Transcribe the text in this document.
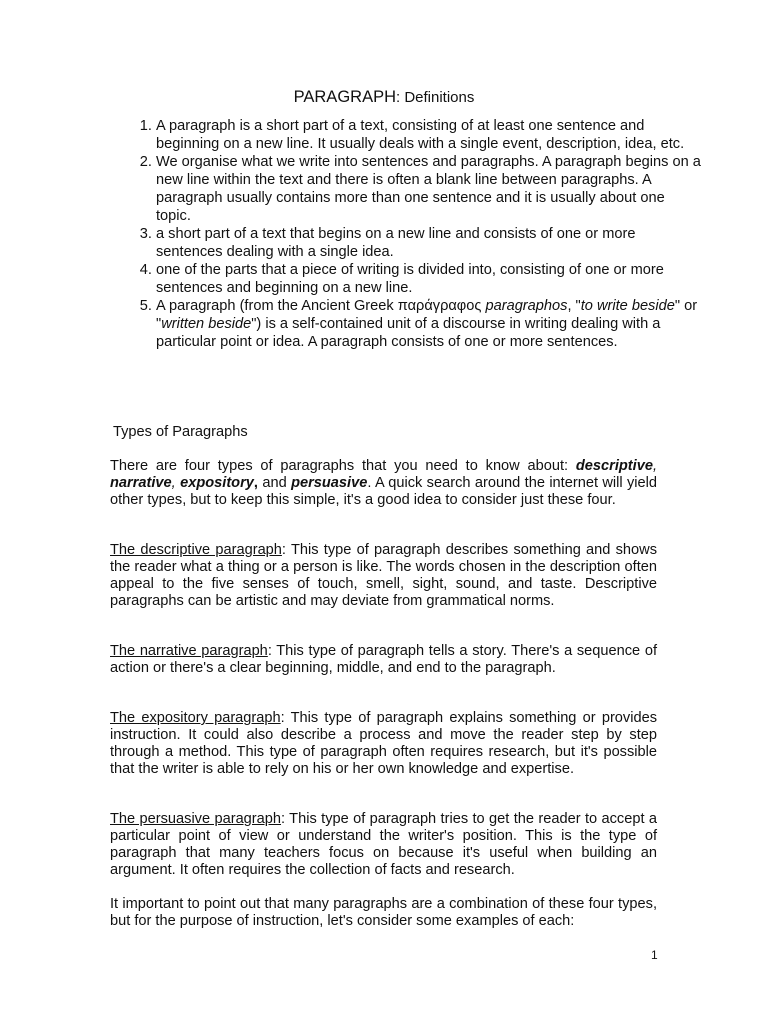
PARAGRAPH: Definitions
1. A paragraph is a short part of a text, consisting of at least one sentence and beginning on a new line. It usually deals with a single event, description, idea, etc.
2. We organise what we write into sentences and paragraphs. A paragraph begins on a new line within the text and there is often a blank line between paragraphs. A paragraph usually contains more than one sentence and it is usually about one topic.
3. a short part of a text that begins on a new line and consists of one or more sentences dealing with a single idea.
4. one of the parts that a piece of writing is divided into, consisting of one or more sentences and beginning on a new line.
5. A paragraph (from the Ancient Greek παράγραφος paragraphos, "to write beside" or "written beside") is a self-contained unit of a discourse in writing dealing with a particular point or idea. A paragraph consists of one or more sentences.
Types of Paragraphs

There are four types of paragraphs that you need to know about: descriptive, narrative, expository, and persuasive. A quick search around the internet will yield other types, but to keep this simple, it's a good idea to consider just these four.

The descriptive paragraph: This type of paragraph describes something and shows the reader what a thing or a person is like. The words chosen in the description often appeal to the five senses of touch, smell, sight, sound, and taste. Descriptive paragraphs can be artistic and may deviate from grammatical norms.

The narrative paragraph: This type of paragraph tells a story. There's a sequence of action or there's a clear beginning, middle, and end to the paragraph.

The expository paragraph: This type of paragraph explains something or provides instruction. It could also describe a process and move the reader step by step through a method. This type of paragraph often requires research, but it's possible that the writer is able to rely on his or her own knowledge and expertise.

The persuasive paragraph: This type of paragraph tries to get the reader to accept a particular point of view or understand the writer's position. This is the type of paragraph that many teachers focus on because it's useful when building an argument. It often requires the collection of facts and research.

It important to point out that many paragraphs are a combination of these four types, but for the purpose of instruction, let's consider some examples of each:

1
